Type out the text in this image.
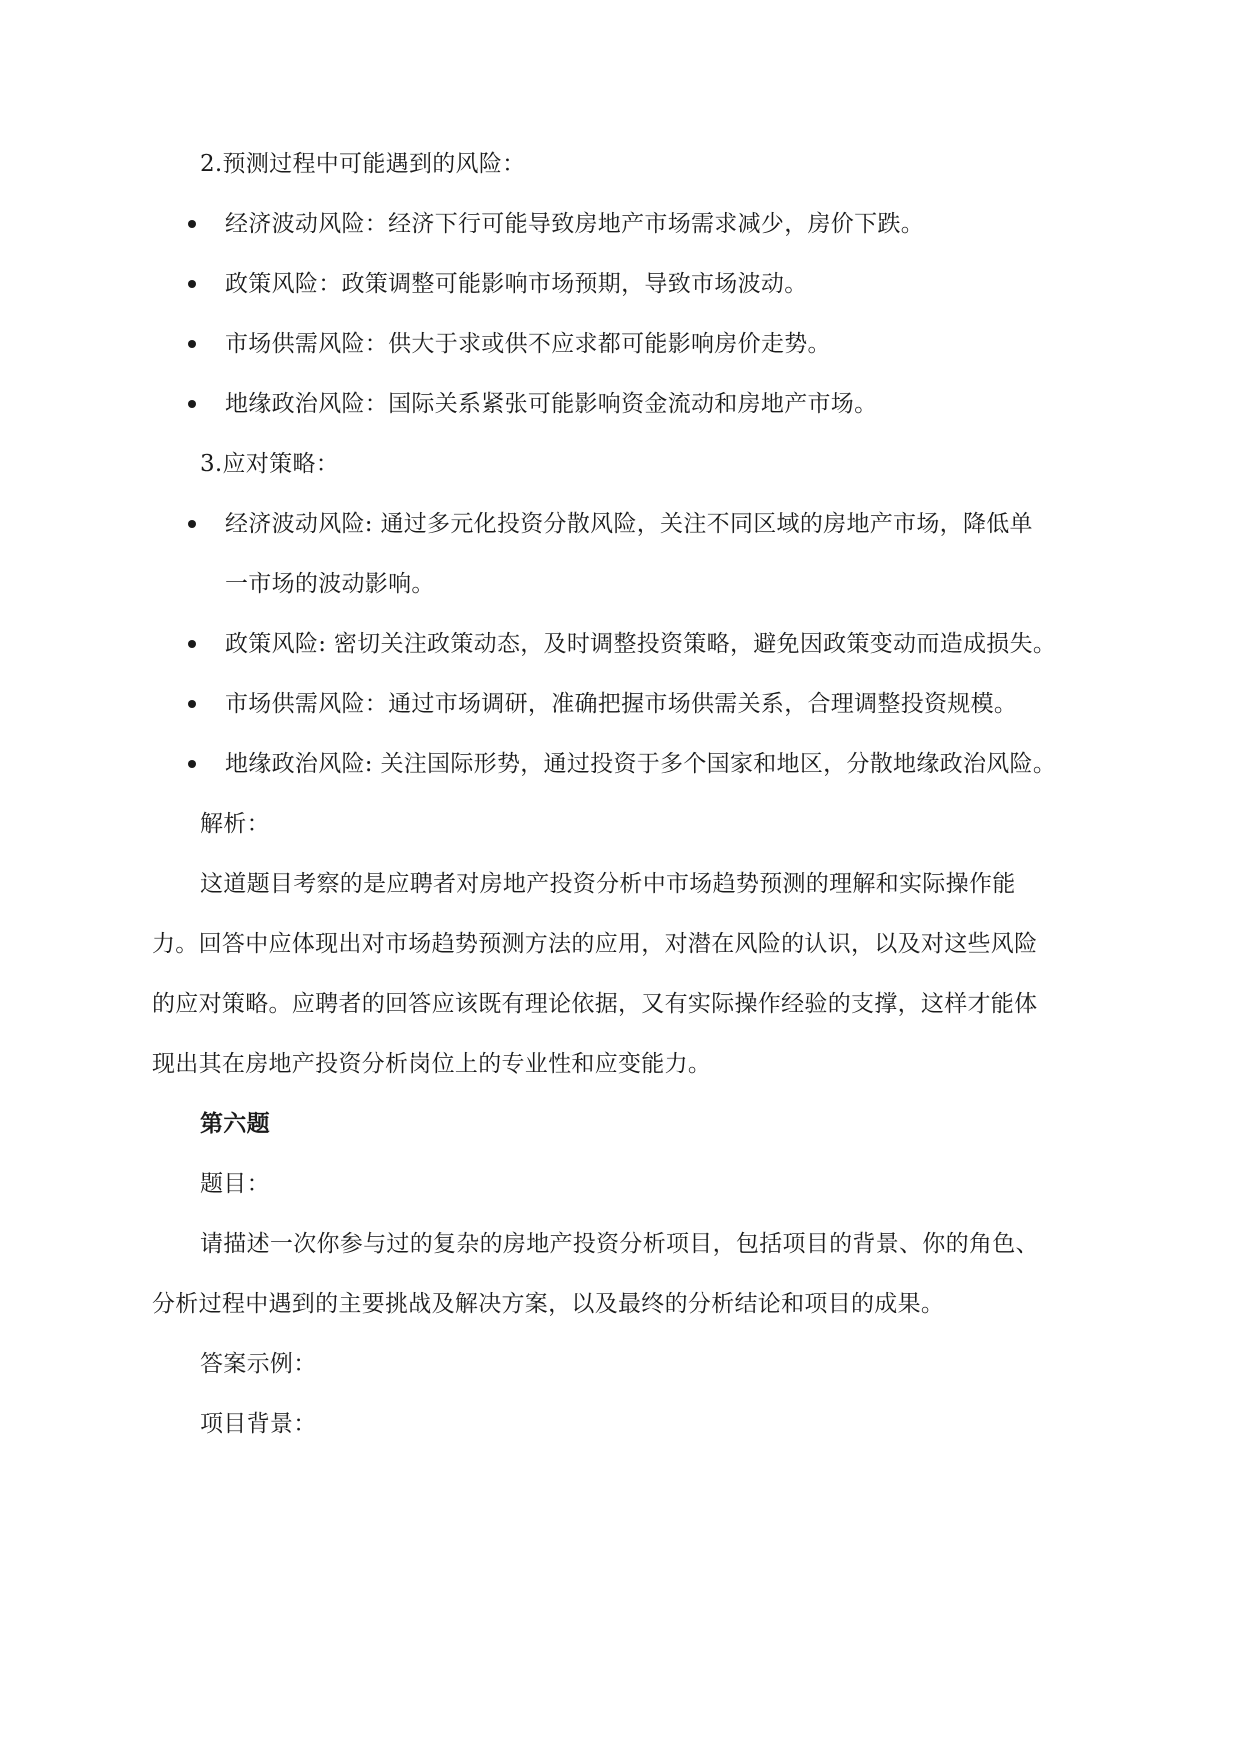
2.预测过程中可能遇到的风险：
经济波动风险：经济下行可能导致房地产市场需求减少，房价下跌。
政策风险：政策调整可能影响市场预期，导致市场波动。
市场供需风险：供大于求或供不应求都可能影响房价走势。
地缘政治风险：国际关系紧张可能影响资金流动和房地产市场。
3.应对策略：
经济波动风险: 通过多元化投资分散风险，关注不同区域的房地产市场，降低单
一市场的波动影响。
政策风险: 密切关注政策动态，及时调整投资策略，避免因政策变动而造成损失。
市场供需风险：通过市场调研，准确把握市场供需关系，合理调整投资规模。
地缘政治风险: 关注国际形势，通过投资于多个国家和地区，分散地缘政治风险。
解析：
这道题目考察的是应聘者对房地产投资分析中市场趋势预测的理解和实际操作能
力。回答中应体现出对市场趋势预测方法的应用，对潜在风险的认识，以及对这些风险
的应对策略。应聘者的回答应该既有理论依据，又有实际操作经验的支撑，这样才能体
现出其在房地产投资分析岗位上的专业性和应变能力。
第六题
题目：
请描述一次你参与过的复杂的房地产投资分析项目，包括项目的背景、你的角色、
分析过程中遇到的主要挑战及解决方案，以及最终的分析结论和项目的成果。
答案示例：
项目背景：
